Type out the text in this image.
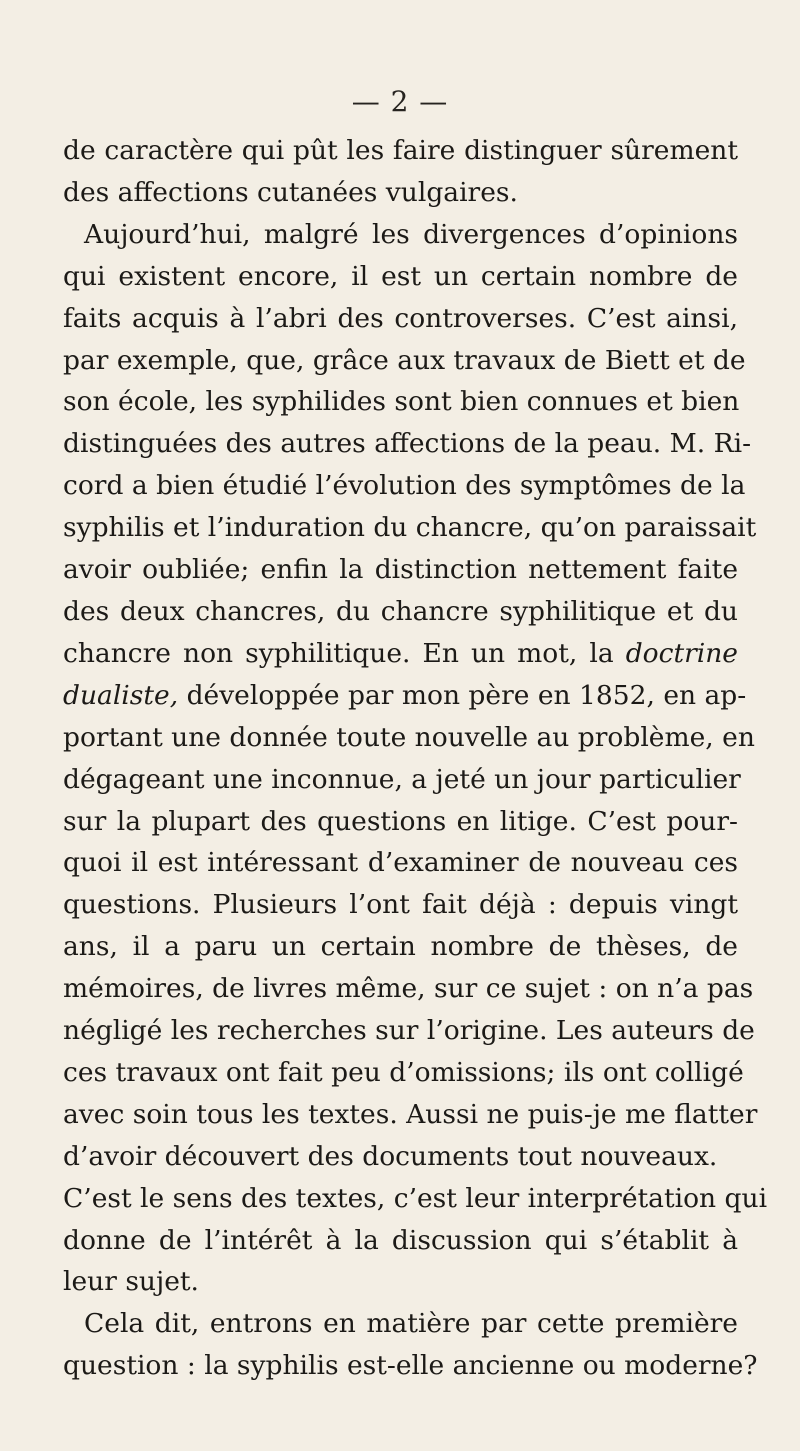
— 2 —
de caractère qui pût les faire distinguer sûrement
des affections cutanées vulgaires.
Aujourd’hui, malgré les divergences d’opinions
qui existent encore, il est un certain nombre de
faits acquis à l’abri des controverses. C’est ainsi,
par exemple, que, grâce aux travaux de Biett et de
son école, les syphilides sont bien connues et bien
distinguées des autres affections de la peau. M. Ri-
cord a bien étudié l’évolution des symptômes de la
syphilis et l’induration du chancre, qu’on paraissait
avoir oubliée; enfin la distinction nettement faite
des deux chancres, du chancre syphilitique et du
chancre non syphilitique. En un mot, la doctrine
dualiste, développée par mon père en 1852, en ap-
portant une donnée toute nouvelle au problème, en
dégageant une inconnue, a jeté un jour particulier
sur la plupart des questions en litige. C’est pour-
quoi il est intéressant d’examiner de nouveau ces
questions. Plusieurs l’ont fait déjà : depuis vingt
ans, il a paru un certain nombre de thèses, de
mémoires, de livres même, sur ce sujet : on n’a pas
négligé les recherches sur l’origine. Les auteurs de
ces travaux ont fait peu d’omissions; ils ont colligé
avec soin tous les textes. Aussi ne puis-je me flatter
d’avoir découvert des documents tout nouveaux.
C’est le sens des textes, c’est leur interprétation qui
donne de l’intérêt à la discussion qui s’établit à
leur sujet.
Cela dit, entrons en matière par cette première
question : la syphilis est-elle ancienne ou moderne?
